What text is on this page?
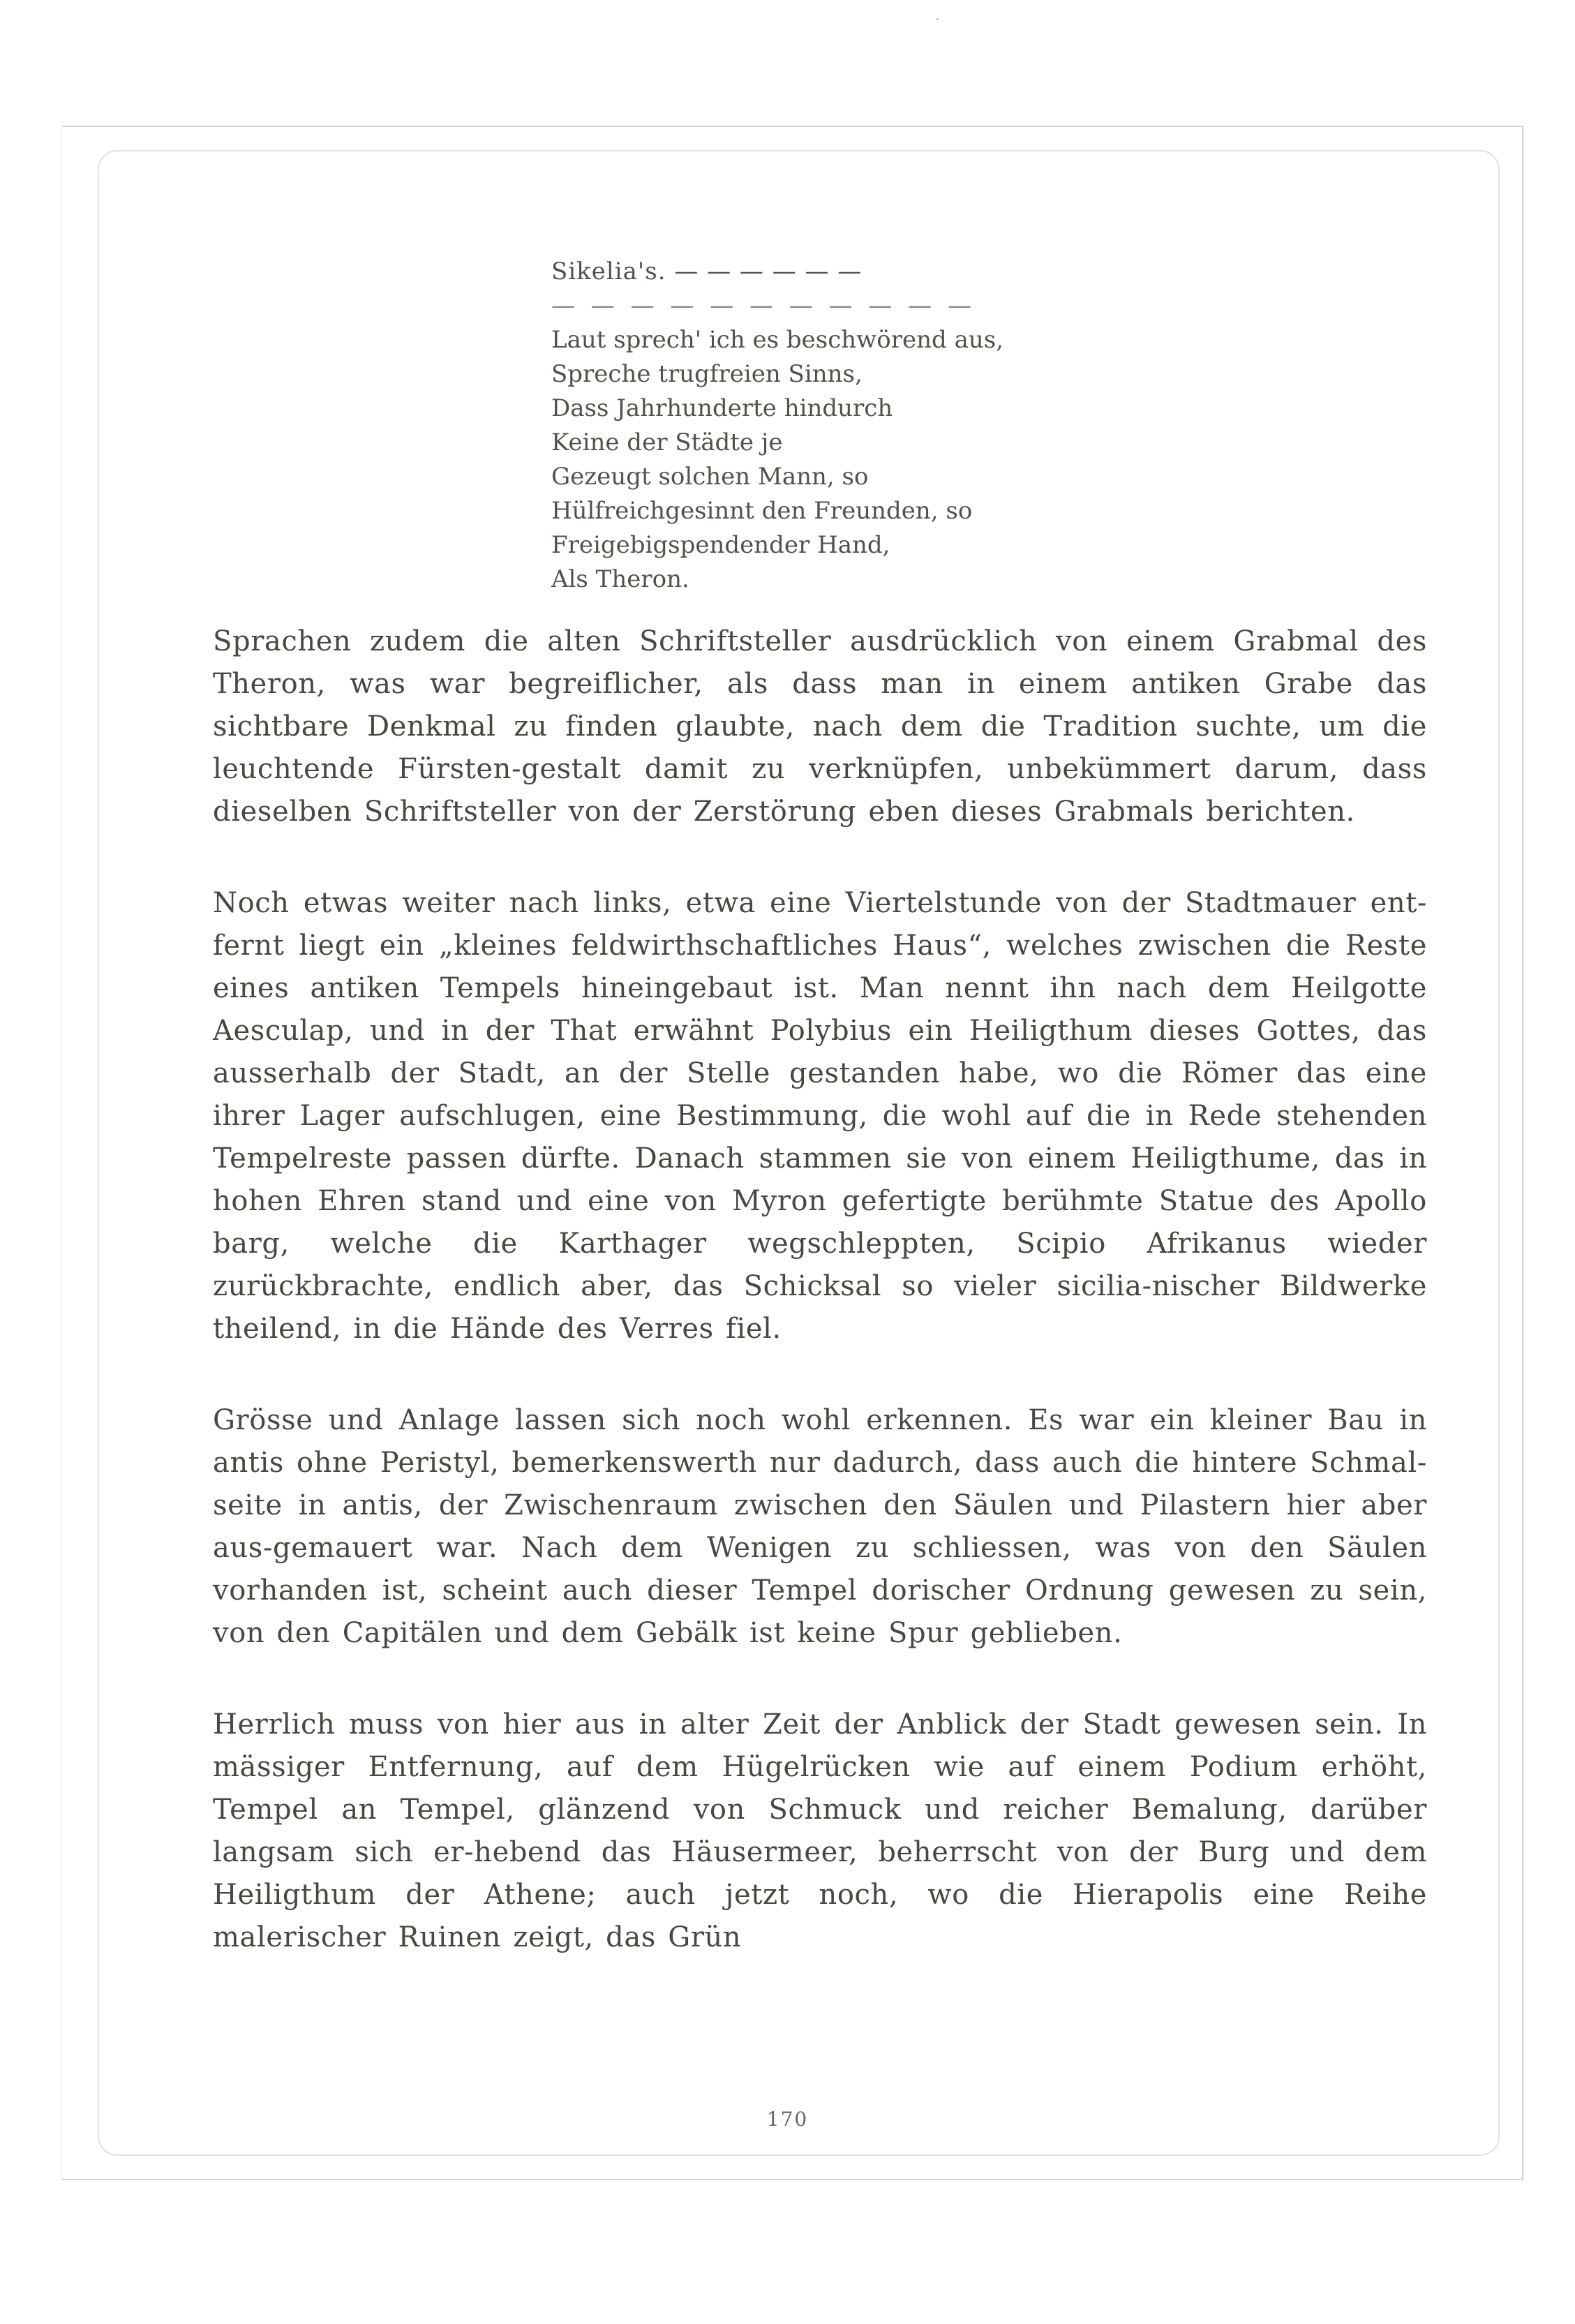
Sikelia's. — — — — — —
— — — — — — — — — — —
Laut sprech' ich es beschwörend aus,
Spreche trugfreien Sinns,
Dass Jahrhunderte hindurch
Keine der Städte je
Gezeugt solchen Mann, so
Hülfreichgesinnt den Freunden, so
Freigebigspendender Hand,
Als Theron.

Sprachen zudem die alten Schriftsteller ausdrücklich von einem Grabmal des Theron, was war begreiflicher, als dass man in einem antiken Grabe das sichtbare Denkmal zu finden glaubte, nach dem die Tradition suchte, um die leuchtende Fürsten-gestalt damit zu verknüpfen, unbekümmert darum, dass dieselben Schriftsteller von der Zerstörung eben dieses Grabmals berichten.

Noch etwas weiter nach links, etwa eine Viertelstunde von der Stadtmauer ent-fernt liegt ein „kleines feldwirthschaftliches Haus“, welches zwischen die Reste eines antiken Tempels hineingebaut ist. Man nennt ihn nach dem Heilgotte Aesculap, und in der That erwähnt Polybius ein Heiligthum dieses Gottes, das ausserhalb der Stadt, an der Stelle gestanden habe, wo die Römer das eine ihrer Lager aufschlugen, eine Bestimmung, die wohl auf die in Rede stehenden Tempelreste passen dürfte. Danach stammen sie von einem Heiligthume, das in hohen Ehren stand und eine von Myron gefertigte berühmte Statue des Apollo barg, welche die Karthager wegschleppten, Scipio Afrikanus wieder zurückbrachte, endlich aber, das Schicksal so vieler sicilia-nischer Bildwerke theilend, in die Hände des Verres fiel.

Grösse und Anlage lassen sich noch wohl erkennen. Es war ein kleiner Bau in antis ohne Peristyl, bemerkenswerth nur dadurch, dass auch die hintere Schmal-seite in antis, der Zwischenraum zwischen den Säulen und Pilastern hier aber aus-gemauert war. Nach dem Wenigen zu schliessen, was von den Säulen vorhanden ist, scheint auch dieser Tempel dorischer Ordnung gewesen zu sein, von den Capitälen und dem Gebälk ist keine Spur geblieben.

Herrlich muss von hier aus in alter Zeit der Anblick der Stadt gewesen sein. In mässiger Entfernung, auf dem Hügelrücken wie auf einem Podium erhöht, Tempel an Tempel, glänzend von Schmuck und reicher Bemalung, darüber langsam sich er-hebend das Häusermeer, beherrscht von der Burg und dem Heiligthum der Athene; auch jetzt noch, wo die Hierapolis eine Reihe malerischer Ruinen zeigt, das Grün

170
